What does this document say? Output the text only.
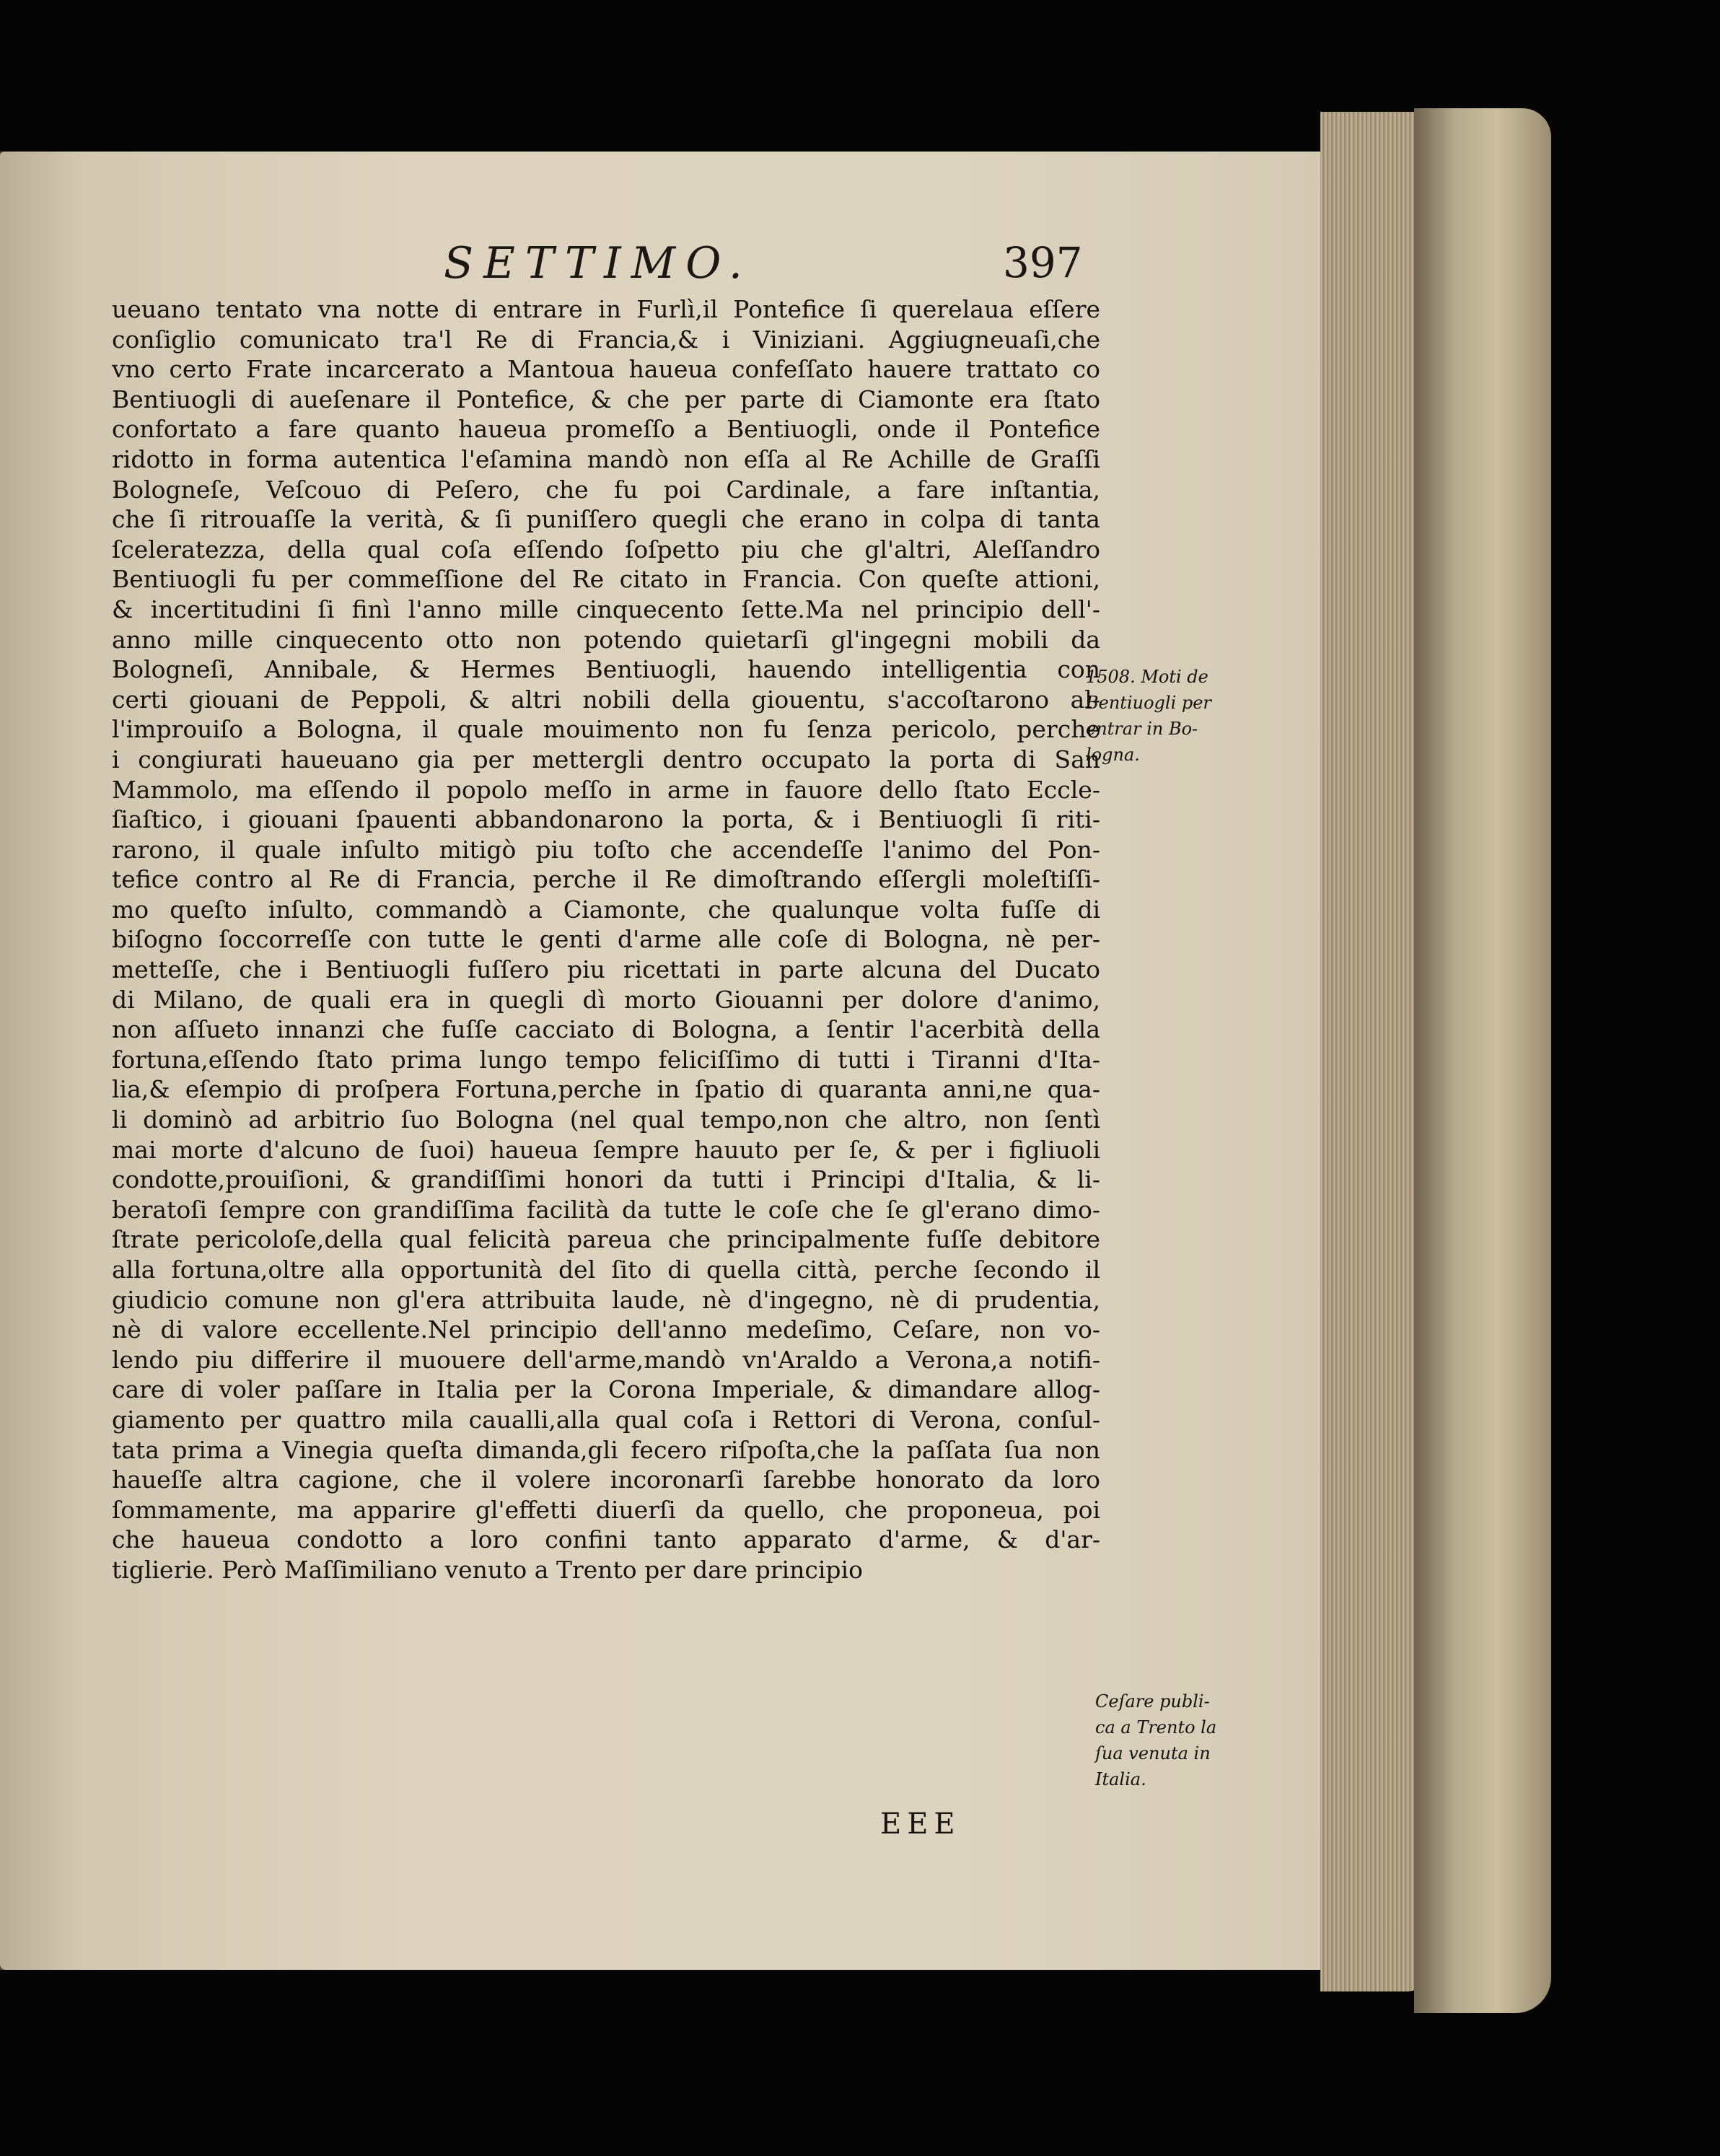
SETTIMO.	397
ueuano tentato vna notte di entrare in Furlì,il Pontefice ſi querelaua eſſere
conſiglio comunicato tra'l Re di Francia,& i Viniziani. Aggiugneuaſi,che
vno certo Frate incarcerato a Mantoua haueua confeſſato hauere trattato co
Bentiuogli di aueſenare il Pontefice, & che per parte di Ciamonte era ſtato
confortato a fare quanto haueua promeſſo a Bentiuogli, onde il Pontefice
ridotto in forma autentica l'eſamina mandò non eſſa al Re Achille de Graſſi
Bologneſe, Veſcouo di Peſero, che fu poi Cardinale, a fare inſtantia,
che ſi ritrouaſſe la verità, & ſi puniſſero quegli che erano in colpa di tanta
ſceleratezza, della qual coſa eſſendo ſoſpetto piu che gl'altri, Aleſſandro
Bentiuogli fu per commeſſione del Re citato in Francia. Con queſte attioni,
& incertitudini ſi finì l'anno mille cinquecento ſette.Ma nel principio dell'-
anno mille cinquecento otto non potendo quietarſi gl'ingegni mobili da
Bologneſi, Annibale, & Hermes Bentiuogli, hauendo intelligentia con
certi giouani de Peppoli, & altri nobili della giouentu, s'accoſtarono al-
l'improuiſo a Bologna, il quale mouimento non fu ſenza pericolo, perche
i congiurati haueuano gia per mettergli dentro occupato la porta di San
Mammolo, ma eſſendo il popolo meſſo in arme in fauore dello ſtato Eccle-
ſiaſtico, i giouani ſpauenti abbandonarono la porta, & i Bentiuogli ſi riti-
rarono, il quale inſulto mitigò piu toſto che accendeſſe l'animo del Pon-
tefice contro al Re di Francia, perche il Re dimoſtrando eſſergli moleſtiſſi-
mo queſto inſulto, commandò a Ciamonte, che qualunque volta fuſſe di
biſogno ſoccorreſſe con tutte le genti d'arme alle coſe di Bologna, nè per-
metteſſe, che i Bentiuogli fuſſero piu ricettati in parte alcuna del Ducato
di Milano, de quali era in quegli dì morto Giouanni per dolore d'animo,
non aſſueto innanzi che fuſſe cacciato di Bologna, a ſentir l'acerbità della
fortuna,eſſendo ſtato prima lungo tempo feliciſſimo di tutti i Tiranni d'Ita-
lia,& eſempio di proſpera Fortuna,perche in ſpatio di quaranta anni,ne qua-
li dominò ad arbitrio ſuo Bologna (nel qual tempo,non che altro, non ſentì
mai morte d'alcuno de ſuoi) haueua ſempre hauuto per ſe, & per i figliuoli
condotte,prouiſioni, & grandiſſimi honori da tutti i Principi d'Italia, & li-
beratoſi ſempre con grandiſſima facilità da tutte le coſe che ſe gl'erano dimo-
ſtrate pericoloſe,della qual felicità pareua che principalmente fuſſe debitore
alla fortuna,oltre alla opportunità del ſito di quella città, perche ſecondo il
giudicio comune non gl'era attribuita laude, nè d'ingegno, nè di prudentia,
nè di valore eccellente.Nel principio dell'anno medeſimo, Ceſare, non vo-
lendo piu differire il muouere dell'arme,mandò vn'Araldo a Verona,a notifi-
care di voler paſſare in Italia per la Corona Imperiale, & dimandare allog-
giamento per quattro mila caualli,alla qual coſa i Rettori di Verona, conſul-
tata prima a Vinegia queſta dimanda,gli fecero riſpoſta,che la paſſata ſua non
haueſſe altra cagione, che il volere incoronarſi ſarebbe honorato da loro
ſommamente, ma apparire gl'effetti diuerſi da quello, che proponeua, poi
che haueua condotto a loro confini tanto apparato d'arme, & d'ar-
tiglierie. Però Maſſimiliano venuto a Trento per dare principio
1508. Moti de
Bentiuogli per
entrar in Bo-
logna.
Ceſare publi-
ca a Trento la
ſua venuta in
Italia.
EEE
